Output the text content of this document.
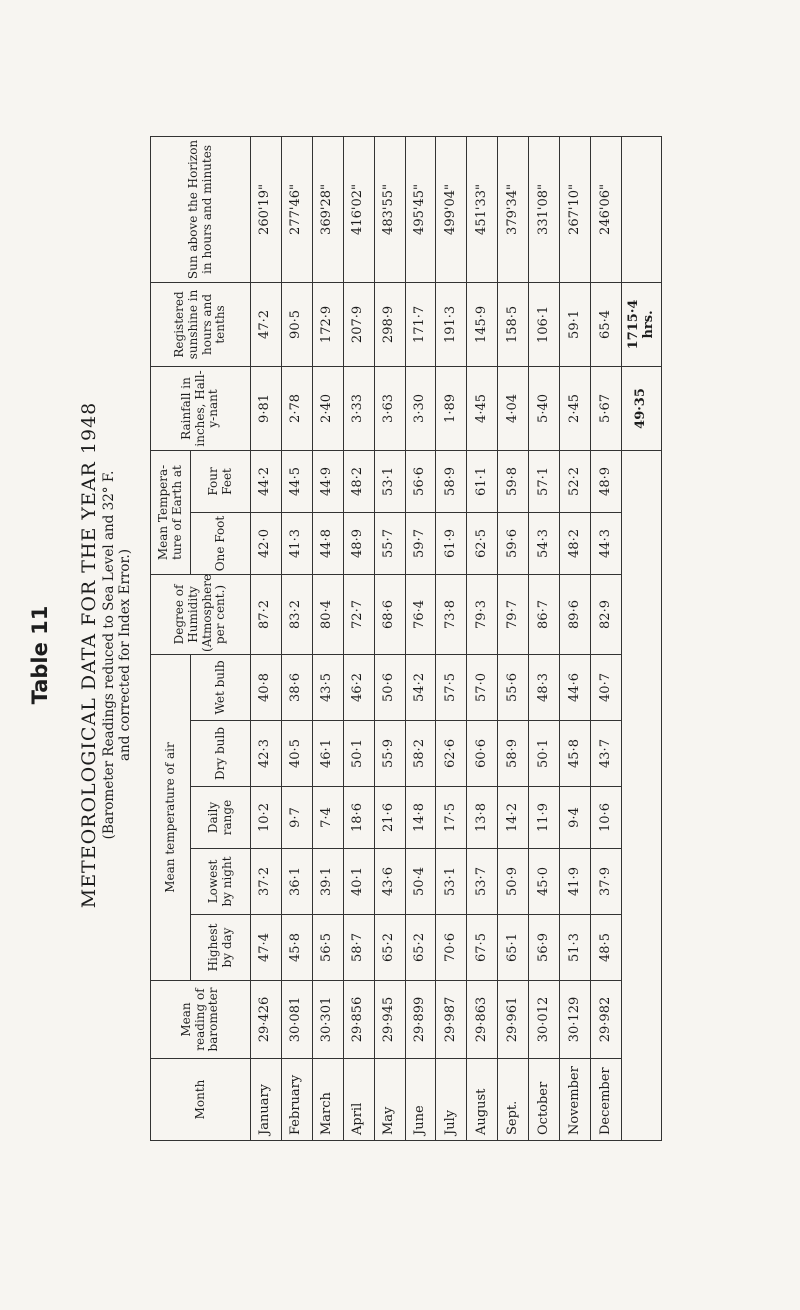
Table 11 METEOROLOGICAL DATA FOR THE YEAR 1948 (Barometer Readings reduced to Sea Level and 32° F. and corrected for Index Error.)
Month	Mean reading of barometer	Mean temperature of air					Degree of Humidity (Atmosphere per cent.)	Mean Tempera-ture of Earth at		Rainfall in inches, Hall-y-nant	Registered sunshine in hours and tenths	Sun above the Horizon in hours and minutes
		Highest by day	Lowest by night	Daily range	Dry bulb	Wet bulb		One Foot	Four Feet			
January	29·426	47·4	37·2	10·2	42·3	40·8	87·2	42·0	44·2	9·81	47·2	260'19"
February	30·081	45·8	36·1	9·7	40·5	38·6	83·2	41·3	44·5	2·78	90·5	277'46"
March	30·301	56·5	39·1	7·4	46·1	43·5	80·4	44·8	44·9	2·40	172·9	369'28"
April	29·856	58·7	40·1	18·6	50·1	46·2	72·7	48·9	48·2	3·33	207·9	416'02"
May	29·945	65·2	43·6	21·6	55·9	50·6	68·6	55·7	53·1	3·63	298·9	483'55"
June	29·899	65·2	50·4	14·8	58·2	54·2	76·4	59·7	56·6	3·30	171·7	495'45"
July	29·987	70·6	53·1	17·5	62·6	57·5	73·8	61·9	58·9	1·89	191·3	499'04"
August	29·863	67·5	53·7	13·8	60·6	57·0	79·3	62·5	61·1	4·45	145·9	451'33"
Sept.	29·961	65·1	50·9	14·2	58·9	55·6	79·7	59·6	59·8	4·04	158·5	379'34"
October	30·012	56·9	45·0	11·9	50·1	48·3	86·7	54·3	57·1	5·40	106·1	331'08"
November	30·129	51·3	41·9	9·4	45·8	44·6	89·6	48·2	52·2	2·45	59·1	267'10"
December	29·982	48·5	37·9	10·6	43·7	40·7	82·9	44·3	48·9	5·67	65·4	246'06"
										49·35	1715·4 hrs.	
